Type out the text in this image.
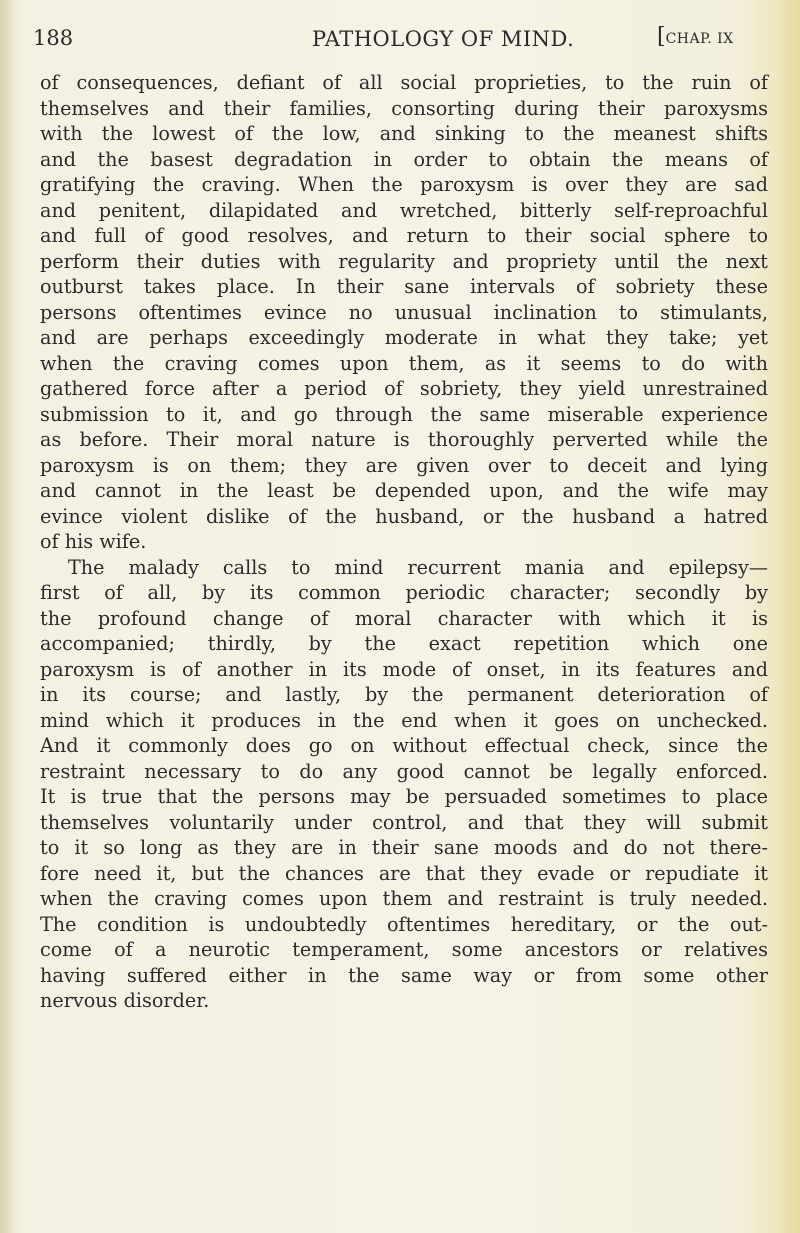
188	PATHOLOGY OF MIND.	[CHAP. IX
of consequences, defiant of all social proprieties, to the ruin of
themselves and their families, consorting during their paroxysms
with the lowest of the low, and sinking to the meanest shifts
and the basest degradation in order to obtain the means of
gratifying the craving. When the paroxysm is over they are sad
and penitent, dilapidated and wretched, bitterly self-reproachful
and full of good resolves, and return to their social sphere to
perform their duties with regularity and propriety until the next
outburst takes place. In their sane intervals of sobriety these
persons oftentimes evince no unusual inclination to stimulants,
and are perhaps exceedingly moderate in what they take; yet
when the craving comes upon them, as it seems to do with
gathered force after a period of sobriety, they yield unrestrained
submission to it, and go through the same miserable experience
as before. Their moral nature is thoroughly perverted while the
paroxysm is on them; they are given over to deceit and lying
and cannot in the least be depended upon, and the wife may
evince violent dislike of the husband, or the husband a hatred
of his wife.
The malady calls to mind recurrent mania and epilepsy—
first of all, by its common periodic character; secondly by
the profound change of moral character with which it is
accompanied; thirdly, by the exact repetition which one
paroxysm is of another in its mode of onset, in its features and
in its course; and lastly, by the permanent deterioration of
mind which it produces in the end when it goes on unchecked.
And it commonly does go on without effectual check, since the
restraint necessary to do any good cannot be legally enforced.
It is true that the persons may be persuaded sometimes to place
themselves voluntarily under control, and that they will submit
to it so long as they are in their sane moods and do not there-
fore need it, but the chances are that they evade or repudiate it
when the craving comes upon them and restraint is truly needed.
The condition is undoubtedly oftentimes hereditary, or the out-
come of a neurotic temperament, some ancestors or relatives
having suffered either in the same way or from some other
nervous disorder.
